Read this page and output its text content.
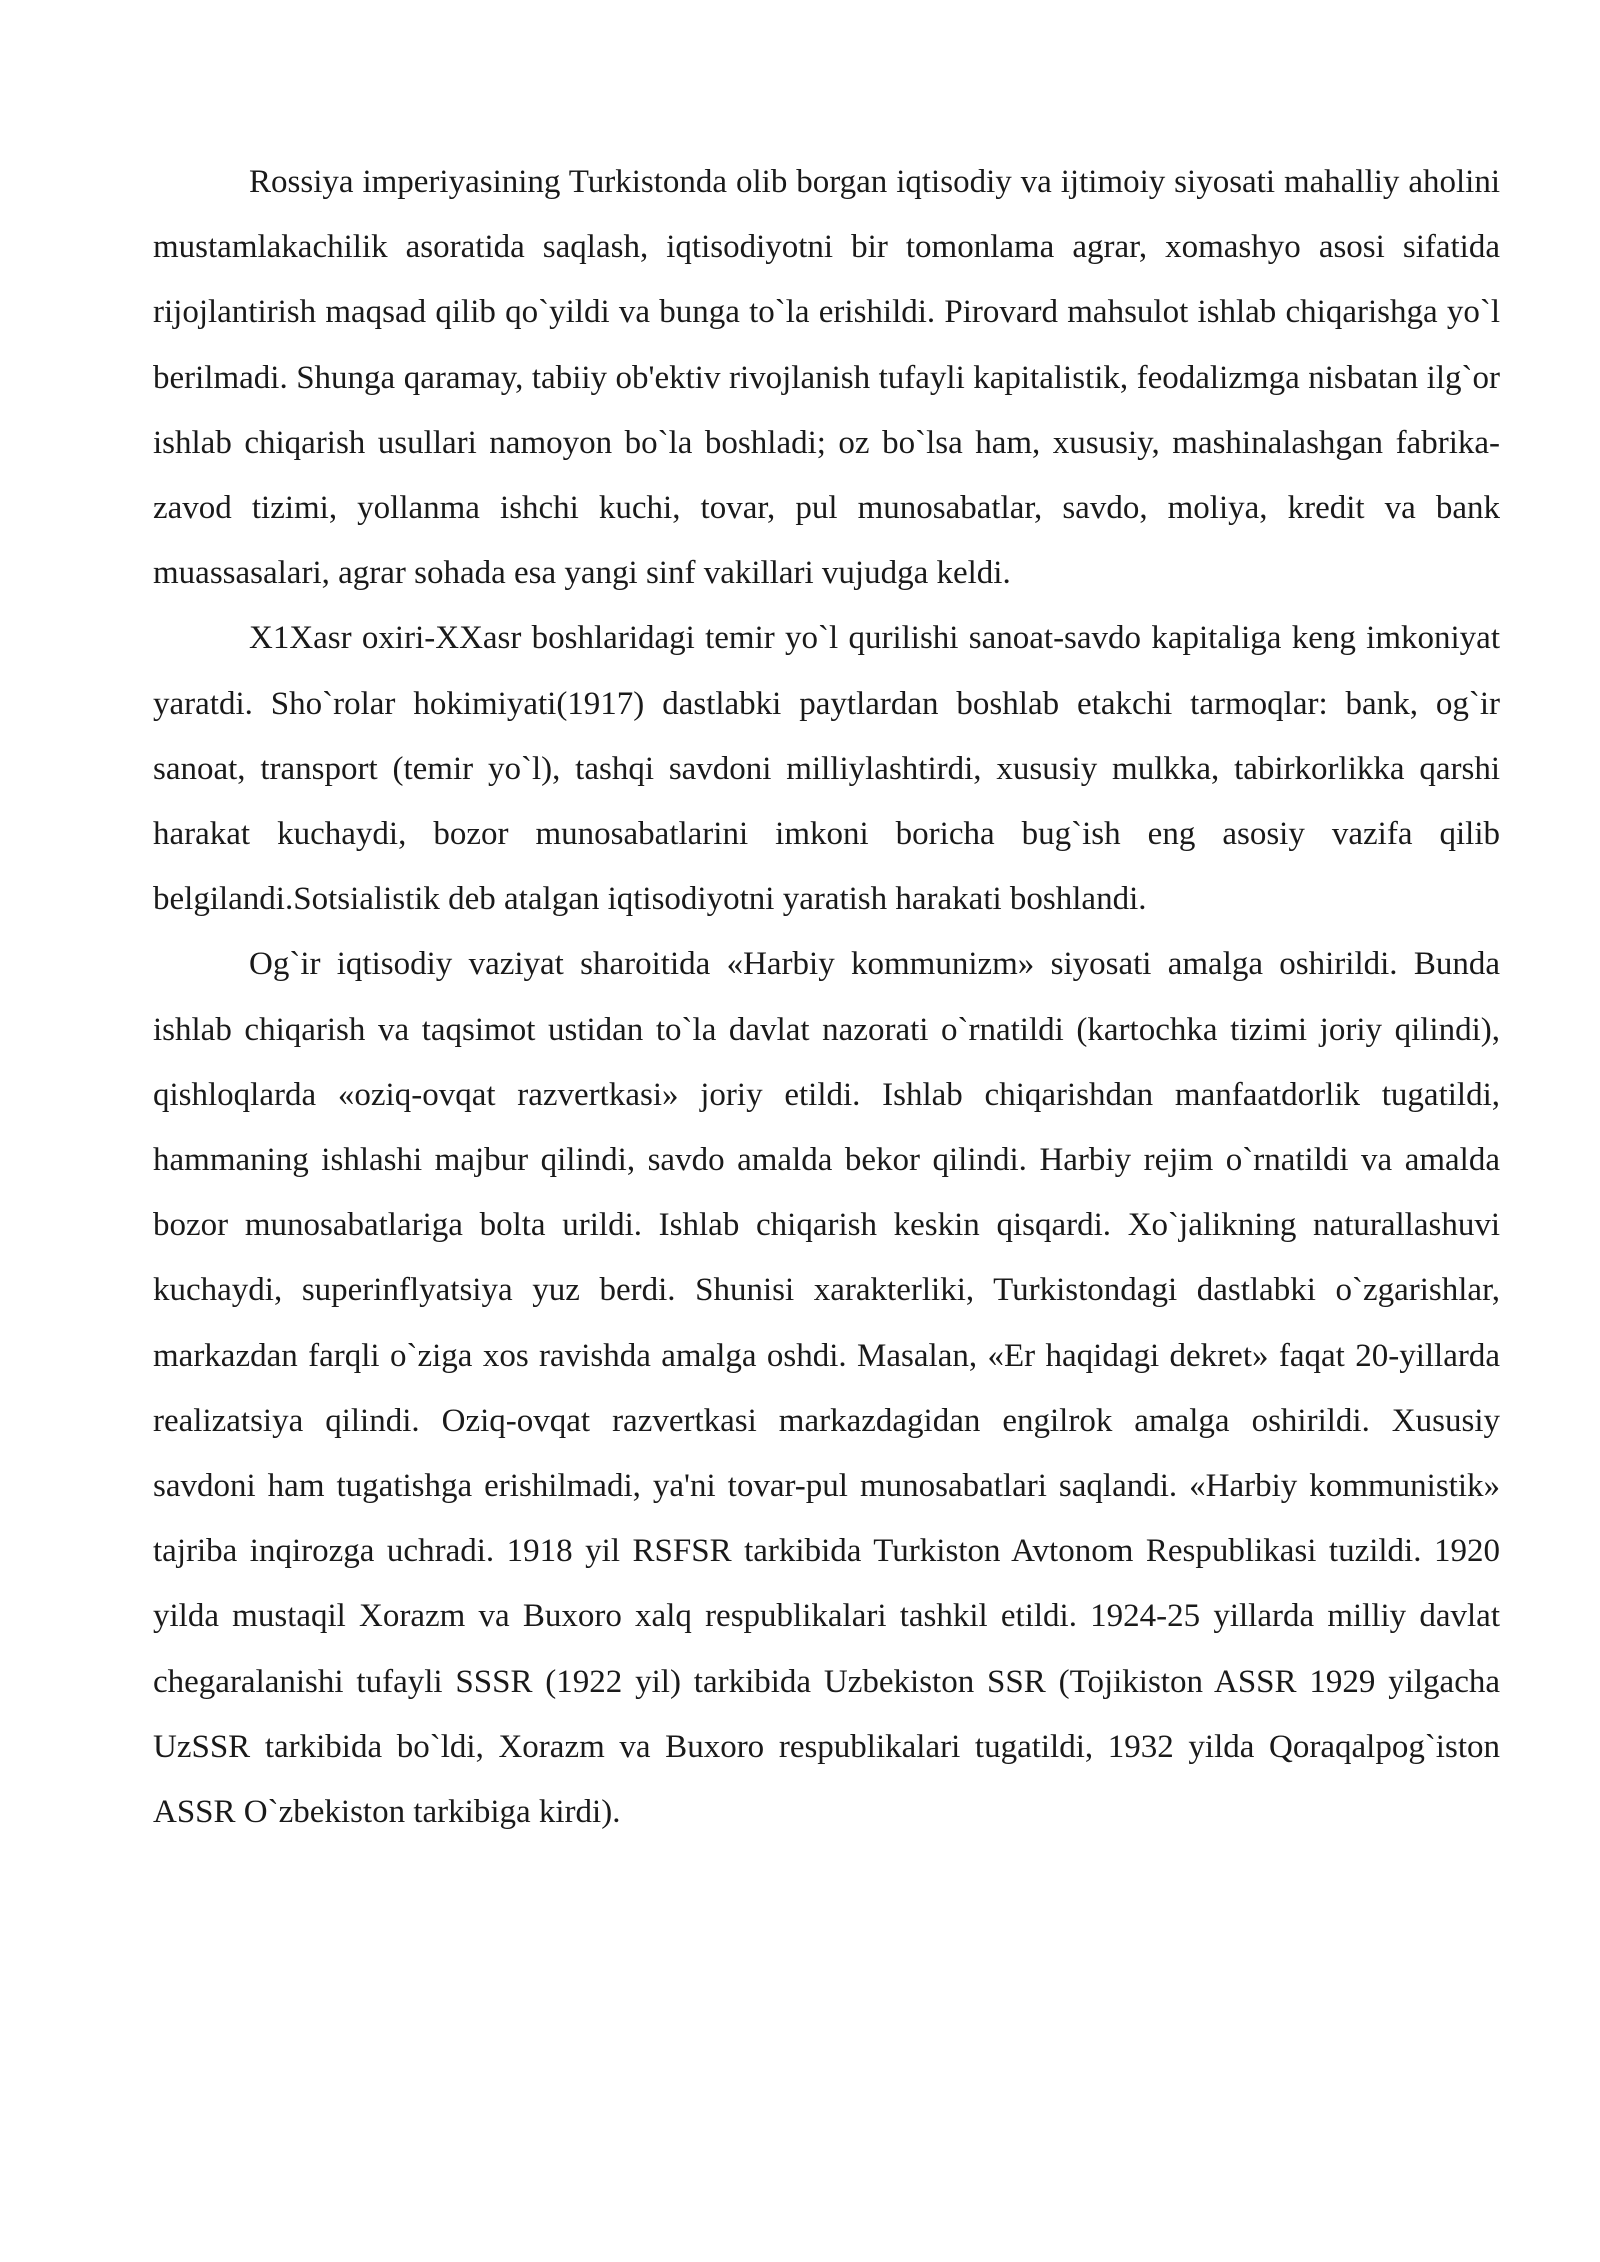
Rossiya imperiyasining Turkistonda olib borgan iqtisodiy va ijtimoiy siyosati mahalliy aholini mustamlakachilik asoratida saqlash, iqtisodiyotni bir tomonlama agrar, xomashyo asosi sifatida rijojlantirish maqsad qilib qo`yildi va bunga to`la erishildi. Pirovard mahsulot ishlab chiqarishga yo`l berilmadi. Shunga qaramay, tabiiy ob'ektiv rivojlanish tufayli kapitalistik, feodalizmga nisbatan ilg`or ishlab chiqarish usullari namoyon bo`la boshladi; oz bo`lsa ham, xususiy, mashinalashgan fabrika-zavod tizimi, yollanma ishchi kuchi, tovar, pul munosabatlar, savdo, moliya, kredit va bank muassasalari, agrar sohada esa yangi sinf vakillari vujudga keldi.

X1Xasr oxiri-XXasr boshlaridagi temir yo`l qurilishi sanoat-savdo kapitaliga keng imkoniyat yaratdi. Sho`rolar hokimiyati(1917) dastlabki paytlardan boshlab etakchi tarmoqlar: bank, og`ir sanoat, transport (temir yo`l), tashqi savdoni milliylashtirdi, xususiy mulkka, tabirkorlikka qarshi harakat kuchaydi, bozor munosabatlarini imkoni boricha bug`ish eng asosiy vazifa qilib belgilandi.Sotsialistik deb atalgan iqtisodiyotni yaratish harakati boshlandi.

Og`ir iqtisodiy vaziyat sharoitida «Harbiy kommunizm» siyosati amalga oshirildi. Bunda ishlab chiqarish va taqsimot ustidan to`la davlat nazorati o`rnatildi (kartochka tizimi joriy qilindi), qishloqlarda «oziq-ovqat razvertkasi» joriy etildi. Ishlab chiqarishdan manfaatdorlik tugatildi, hammaning ishlashi majbur qilindi, savdo amalda bekor qilindi. Harbiy rejim o`rnatildi va amalda bozor munosabatlariga bolta urildi. Ishlab chiqarish keskin qisqardi. Xo`jalikning naturallashuvi kuchaydi, superinflyatsiya yuz berdi. Shunisi xarakterliki, Turkistondagi dastlabki o`zgarishlar, markazdan farqli o`ziga xos ravishda amalga oshdi. Masalan, «Er haqidagi dekret» faqat 20-yillarda realizatsiya qilindi. Oziq-ovqat razvertkasi markazdagidan engilrok amalga oshirildi. Xususiy savdoni ham tugatishga erishilmadi, ya'ni tovar-pul munosabatlari saqlandi. «Harbiy kommunistik» tajriba inqirozga uchradi. 1918 yil RSFSR tarkibida Turkiston Avtonom Respublikasi tuzildi. 1920 yilda mustaqil Xorazm va Buxoro xalq respublikalari tashkil etildi. 1924-25 yillarda milliy davlat chegaralanishi tufayli SSSR (1922 yil) tarkibida Uzbekiston SSR (Tojikiston ASSR 1929 yilgacha UzSSR tarkibida bo`ldi, Xorazm va Buxoro respublikalari tugatildi, 1932 yilda Qoraqalpog`iston ASSR O`zbekiston tarkibiga kirdi).
